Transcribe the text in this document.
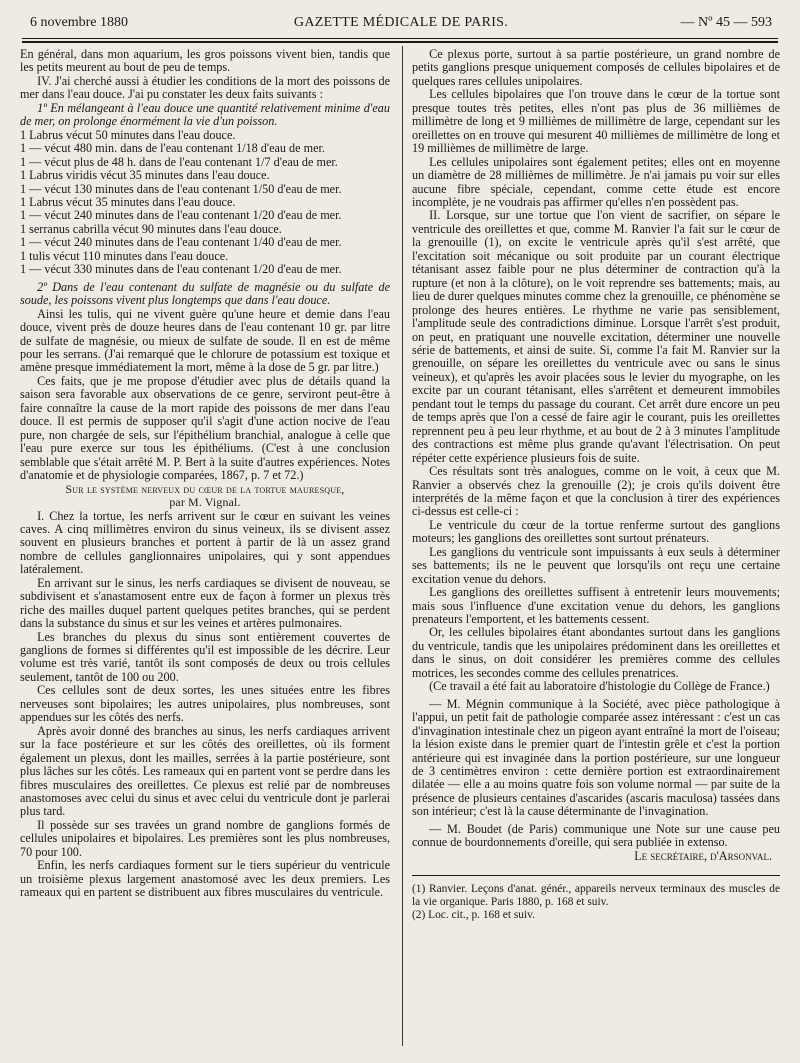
6 novembre 1880	GAZETTE MÉDICALE DE PARIS.	— Nº 45 — 593

En général, dans mon aquarium, les gros poissons vivent bien, tandis que les petits meurent au bout de peu de temps.

IV. J'ai cherché aussi à étudier les conditions de la mort des poissons de mer dans l'eau douce. J'ai pu constater les deux faits suivants :

1º En mélangeant à l'eau douce une quantité relativement minime d'eau de mer, on prolonge énormément la vie d'un poisson.

1 Labrus vécut 50 minutes dans l'eau douce.

1 — vécut 480 min. dans de l'eau contenant 1/18 d'eau de mer.

1 — vécut plus de 48 h. dans de l'eau contenant 1/7 d'eau de mer.

1 Labrus viridis vécut 35 minutes dans l'eau douce.

1 — vécut 130 minutes dans de l'eau contenant 1/50 d'eau de mer.

1 Labrus vécut 35 minutes dans l'eau douce.

1 — vécut 240 minutes dans de l'eau contenant 1/20 d'eau de mer.

1 serranus cabrilla vécut 90 minutes dans l'eau douce.

1 — vécut 240 minutes dans de l'eau contenant 1/40 d'eau de mer.

1 tulis vécut 110 minutes dans l'eau douce.

1 — vécut 330 minutes dans de l'eau contenant 1/20 d'eau de mer.

2º Dans de l'eau contenant du sulfate de magnésie ou du sulfate de soude, les poissons vivent plus longtemps que dans l'eau douce.

Ainsi les tulis, qui ne vivent guère qu'une heure et demie dans l'eau douce, vivent près de douze heures dans de l'eau contenant 10 gr. par litre de sulfate de magnésie, ou mieux de sulfate de soude. Il en est de même pour les serrans. (J'ai remarqué que le chlorure de potassium est toxique et amène presque immédiatement la mort, même à la dose de 5 gr. par litre.)

Ces faits, que je me propose d'étudier avec plus de détails quand la saison sera favorable aux observations de ce genre, serviront peut-être à faire connaître la cause de la mort rapide des poissons de mer dans l'eau douce. Il est permis de supposer qu'il s'agit d'une action nocive de l'eau pure, non chargée de sels, sur l'épithélium branchial, analogue à celle que l'eau pure exerce sur tous les épithéliums. (C'est à une conclusion semblable que s'était arrêté M. P. Bert à la suite d'autres expériences. Notes d'anatomie et de physiologie comparées, 1867, p. 7 et 72.)

Sur le système nerveux du cœur de la tortue mauresque,
par M. Vignal.

I. Chez la tortue, les nerfs arrivent sur le cœur en suivant les veines caves. A cinq millimètres environ du sinus veineux, ils se divisent assez souvent en plusieurs branches et portent à partir de là un assez grand nombre de cellules ganglionnaires unipolaires, qui y sont appendues latéralement.

En arrivant sur le sinus, les nerfs cardiaques se divisent de nouveau, se subdivisent et s'anastamosent entre eux de façon à former un plexus très riche des mailles duquel partent quelques petites branches, qui se perdent dans la substance du sinus et sur les veines et artères pulmonaires.

Les branches du plexus du sinus sont entièrement couvertes de ganglions de formes si différentes qu'il est impossible de les décrire. Leur volume est très varié, tantôt ils sont composés de deux ou trois cellules seulement, tantôt de 100 ou 200.

Ces cellules sont de deux sortes, les unes situées entre les fibres nerveuses sont bipolaires; les autres unipolaires, plus nombreuses, sont appendues sur les côtés des nerfs.

Après avoir donné des branches au sinus, les nerfs cardiaques arrivent sur la face postérieure et sur les côtés des oreillettes, où ils forment également un plexus, dont les mailles, serrées à la partie postérieure, sont plus lâches sur les côtés. Les rameaux qui en partent vont se perdre dans les fibres musculaires des oreillettes. Ce plexus est relié par de nombreuses anastomoses avec celui du sinus et avec celui du ventricule dont je parlerai plus tard.

Il possède sur ses travées un grand nombre de ganglions formés de cellules unipolaires et bipolaires. Les premières sont les plus nombreuses, 70 pour 100.

Enfin, les nerfs cardiaques forment sur le tiers supérieur du ventricule un troisième plexus largement anastomosé avec les deux premiers. Les rameaux qui en partent se distribuent aux fibres musculaires du ventricule.

Ce plexus porte, surtout à sa partie postérieure, un grand nombre de petits ganglions presque uniquement composés de cellules bipolaires et de quelques rares cellules unipolaires.

Les cellules bipolaires que l'on trouve dans le cœur de la tortue sont presque toutes très petites, elles n'ont pas plus de 36 millièmes de millimètre de long et 9 millièmes de millimètre de large, cependant sur les oreillettes on en trouve qui mesurent 40 millièmes de millimètre de long et 19 millièmes de millimètre de large.

Les cellules unipolaires sont également petites; elles ont en moyenne un diamètre de 28 millièmes de millimètre. Je n'ai jamais pu voir sur elles aucune fibre spéciale, cependant, comme cette étude est encore incomplète, je ne voudrais pas affirmer qu'elles n'en possèdent pas.

II. Lorsque, sur une tortue que l'on vient de sacrifier, on sépare le ventricule des oreillettes et que, comme M. Ranvier l'a fait sur le cœur de la grenouille (1), on excite le ventricule après qu'il s'est arrêté, que l'excitation soit mécanique ou soit produite par un courant électrique tétanisant assez faible pour ne plus déterminer de contraction qu'à la rupture (et non à la clôture), on le voit reprendre ses battements; mais, au lieu de durer quelques minutes comme chez la grenouille, ce phénomène se prolonge des heures entières. Le rhythme ne varie pas sensiblement, l'amplitude seule des contradictions diminue. Lorsque l'arrêt s'est produit, on peut, en pratiquant une nouvelle excitation, déterminer une nouvelle série de battements, et ainsi de suite. Si, comme l'a fait M. Ranvier sur la grenouille, on sépare les oreillettes du ventricule avec ou sans le sinus veineux), et qu'après les avoir placées sous le levier du myographe, on les excite par un courant tétanisant, elles s'arrêtent et demeurent immobiles pendant tout le temps du passage du courant. Cet arrêt dure encore un peu de temps après que l'on a cessé de faire agir le courant, puis les oreillettes reprennent peu à peu leur rhythme, et au bout de 2 à 3 minutes l'amplitude des contractions est même plus grande qu'avant l'électrisation. On peut répéter cette expérience plusieurs fois de suite.

Ces résultats sont très analogues, comme on le voit, à ceux que M. Ranvier a observés chez la grenouille (2); je crois qu'ils doivent être interprétés de la même façon et que la conclusion à tirer des expériences ci-dessus est celle-ci :

Le ventricule du cœur de la tortue renferme surtout des ganglions moteurs; les ganglions des oreillettes sont surtout prénateurs.

Les ganglions du ventricule sont impuissants à eux seuls à déterminer ses battements; ils ne le peuvent que lorsqu'ils ont reçu une certaine excitation venue du dehors.

Les ganglions des oreillettes suffisent à entretenir leurs mouvements; mais sous l'influence d'une excitation venue du dehors, les ganglions prenateurs l'emportent, et les battements cessent.

Or, les cellules bipolaires étant abondantes surtout dans les ganglions du ventricule, tandis que les unipolaires prédominent dans les oreillettes et dans le sinus, on doit considérer les premières comme des cellules motrices, les secondes comme des cellules prenatrices.

(Ce travail a été fait au laboratoire d'histologie du Collège de France.)

— M. Mégnin communique à la Société, avec pièce pathologique à l'appui, un petit fait de pathologie comparée assez intéressant : c'est un cas d'invagination intestinale chez un pigeon ayant entraîné la mort de l'oiseau; la lésion existe dans le premier quart de l'intestin grêle et c'est la portion antérieure qui est invaginée dans la portion postérieure, sur une longueur de 3 centimètres environ : cette dernière portion est extraordinairement dilatée — elle a au moins quatre fois son volume normal — par suite de la présence de plusieurs centaines d'ascarides (ascaris maculosa) tassées dans son intérieur; c'est là la cause déterminante de l'invagination.

— M. Boudet (de Paris) communique une Note sur une cause peu connue de bourdonnements d'oreille, qui sera publiée in extenso.

Le secrétaire, d'Arsonval.

(1) Ranvier. Leçons d'anat. génér., appareils nerveux terminaux des muscles de la vie organique. Paris 1880, p. 168 et suiv.

(2) Loc. cit., p. 168 et suiv.
